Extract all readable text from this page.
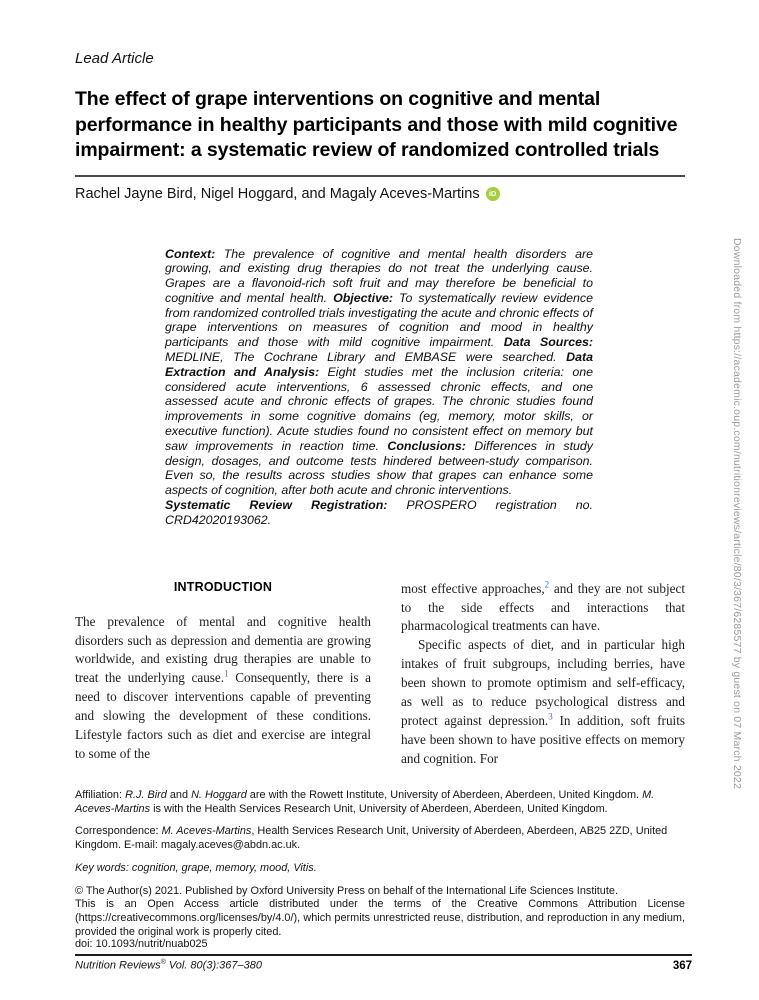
Lead Article
The effect of grape interventions on cognitive and mental performance in healthy participants and those with mild cognitive impairment: a systematic review of randomized controlled trials
Rachel Jayne Bird, Nigel Hoggard, and Magaly Aceves-Martins	iD

Context: The prevalence of cognitive and mental health disorders are growing, and existing drug therapies do not treat the underlying cause. Grapes are a flavonoid-rich soft fruit and may therefore be beneficial to cognitive and mental health. Objective: To systematically review evidence from randomized controlled trials investigating the acute and chronic effects of grape interventions on measures of cognition and mood in healthy participants and those with mild cognitive impairment. Data Sources: MEDLINE, The Cochrane Library and EMBASE were searched. Data Extraction and Analysis: Eight studies met the inclusion criteria: one considered acute interventions, 6 assessed chronic effects, and one assessed acute and chronic effects of grapes. The chronic studies found improvements in some cognitive domains (eg, memory, motor skills, or executive function). Acute studies found no consistent effect on memory but saw improvements in reaction time. Conclusions: Differences in study design, dosages, and outcome tests hindered between-study comparison. Even so, the results across studies show that grapes can enhance some aspects of cognition, after both acute and chronic interventions.

Systematic Review Registration: PROSPERO registration no. CRD42020193062.

INTRODUCTION

The prevalence of mental and cognitive health disorders such as depression and dementia are growing worldwide, and existing drug therapies are unable to treat the underlying cause.$^1$ Consequently, there is a need to discover interventions capable of preventing and slowing the development of these conditions. Lifestyle factors such as diet and exercise are integral to some of the

most effective approaches,$^2$ and they are not subject to the side effects and interactions that pharmacological treatments can have.

Specific aspects of diet, and in particular high intakes of fruit subgroups, including berries, have been shown to promote optimism and self-efficacy, as well as to reduce psychological distress and protect against depression.$^3$ In addition, soft fruits have been shown to have positive effects on memory and cognition. For

Affiliation: R.J. Bird and N. Hoggard are with the Rowett Institute, University of Aberdeen, Aberdeen, United Kingdom. M. Aceves-Martins is with the Health Services Research Unit, University of Aberdeen, Aberdeen, United Kingdom.

Correspondence: M. Aceves-Martins, Health Services Research Unit, University of Aberdeen, Aberdeen, AB25 2ZD, United Kingdom. E-mail: magaly.aceves@abdn.ac.uk.

Key words: cognition, grape, memory, mood, Vitis.

© The Author(s) 2021. Published by Oxford University Press on behalf of the International Life Sciences Institute.
This is an Open Access article distributed under the terms of the Creative Commons Attribution License (https://creativecommons.org/licenses/by/4.0/), which permits unrestricted reuse, distribution, and reproduction in any medium, provided the original work is properly cited.

doi: 10.1093/nutrit/nuab025
Nutrition Reviews® Vol. 80(3):367–380	367
Downloaded from https://academic.oup.com/nutritionreviews/article/80/3/367/6285577 by guest on 07 March 2022
